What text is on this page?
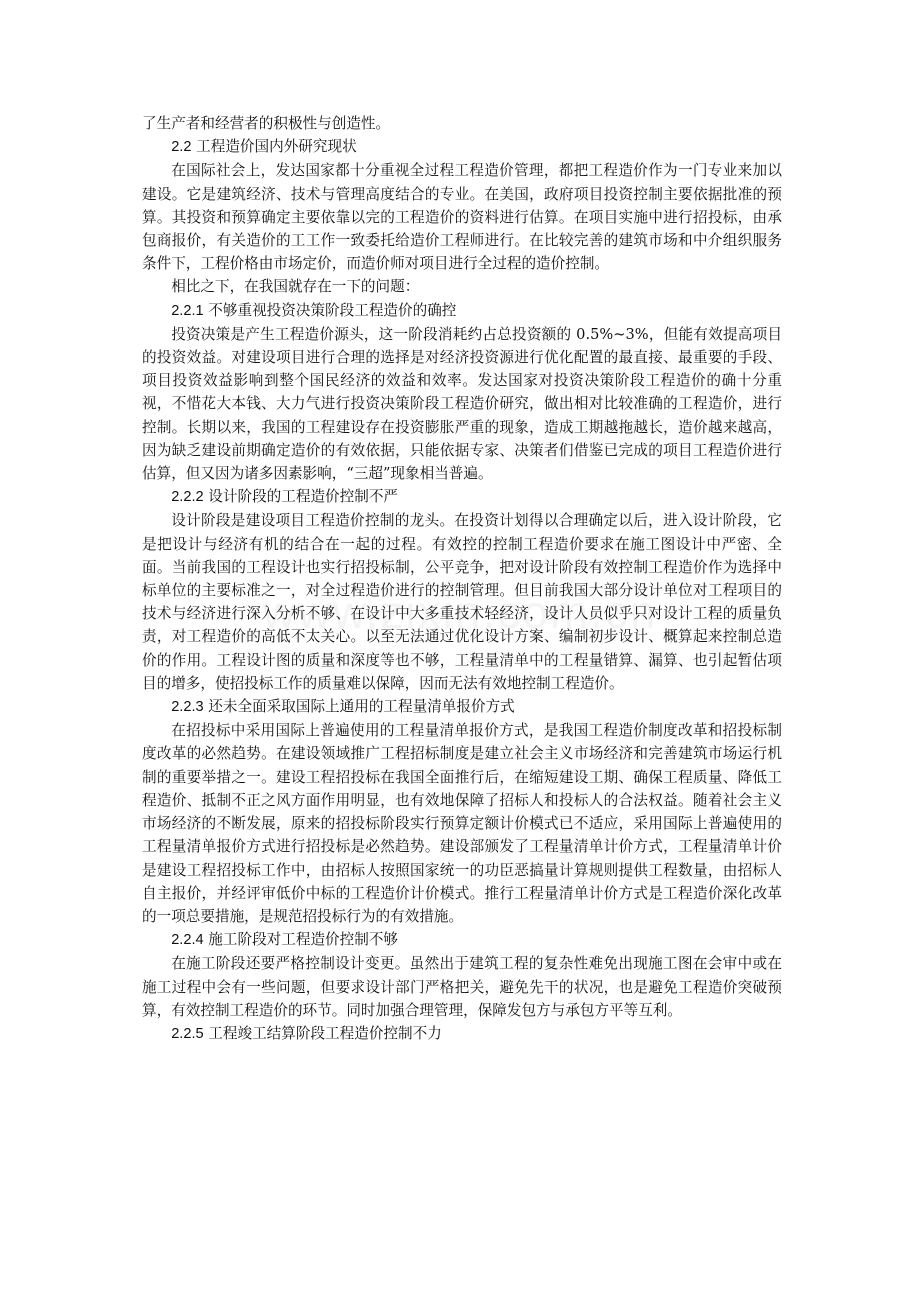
了生产者和经营者的积极性与创造性。

2.2 工程造价国内外研究现状

在国际社会上，发达国家都十分重视全过程工程造价管理，都把工程造价作为一门专业来加以建设。它是建筑经济、技术与管理高度结合的专业。在美国，政府项目投资控制主要依据批准的预算。其投资和预算确定主要依靠以完的工程造价的资料进行估算。在项目实施中进行招投标，由承包商报价，有关造价的工工作一致委托给造价工程师进行。在比较完善的建筑市场和中介组织服务条件下，工程价格由市场定价，而造价师对项目进行全过程的造价控制。

相比之下，在我国就存在一下的问题：

2.2.1 不够重视投资决策阶段工程造价的确控

投资决策是产生工程造价源头，这一阶段消耗约占总投资额的 0.5%~3%，但能有效提高项目的投资效益。对建设项目进行合理的选择是对经济投资源进行优化配置的最直接、最重要的手段、项目投资效益影响到整个国民经济的效益和效率。发达国家对投资决策阶段工程造价的确十分重视，不惜花大本钱、大力气进行投资决策阶段工程造价研究，做出相对比较准确的工程造价，进行控制。长期以来，我国的工程建设存在投资膨胀严重的现象，造成工期越拖越长，造价越来越高，因为缺乏建设前期确定造价的有效依据，只能依据专家、决策者们借鉴已完成的项目工程造价进行估算，但又因为诸多因素影响，“三超”现象相当普遍。

2.2.2 设计阶段的工程造价控制不严

设计阶段是建设项目工程造价控制的龙头。在投资计划得以合理确定以后，进入设计阶段，它是把设计与经济有机的结合在一起的过程。有效控的控制工程造价要求在施工图设计中严密、全面。当前我国的工程设计也实行招投标制，公平竞争，把对设计阶段有效控制工程造价作为选择中标单位的主要标准之一，对全过程造价进行的控制管理。但目前我国大部分设计单位对工程项目的技术与经济进行深入分析不够、在设计中大多重技术轻经济，设计人员似乎只对设计工程的质量负责，对工程造价的高低不太关心。以至无法通过优化设计方案、编制初步设计、概算起来控制总造价的作用。工程设计图的质量和深度等也不够，工程量清单中的工程量错算、漏算、也引起暂估项目的增多，使招投标工作的质量难以保障，因而无法有效地控制工程造价。

2.2.3 还未全面采取国际上通用的工程量清单报价方式

在招投标中采用国际上普遍使用的工程量清单报价方式，是我国工程造价制度改革和招投标制度改革的必然趋势。在建设领域推广工程招标制度是建立社会主义市场经济和完善建筑市场运行机制的重要举措之一。建设工程招投标在我国全面推行后，在缩短建设工期、确保工程质量、降低工程造价、抵制不正之风方面作用明显，也有效地保障了招标人和投标人的合法权益。随着社会主义市场经济的不断发展，原来的招投标阶段实行预算定额计价模式已不适应，采用国际上普遍使用的工程量清单报价方式进行招投标是必然趋势。建设部颁发了工程量清单计价方式，工程量清单计价是建设工程招投标工作中，由招标人按照国家统一的功臣恶搞量计算规则提供工程数量，由招标人自主报价，并经评审低价中标的工程造价计价模式。推行工程量清单计价方式是工程造价深化改革的一项总要措施，是规范招投标行为的有效措施。

2.2.4 施工阶段对工程造价控制不够

在施工阶段还要严格控制设计变更。虽然出于建筑工程的复杂性难免出现施工图在会审中或在施工过程中会有一些问题，但要求设计部门严格把关，避免先干的状况，也是避免工程造价突破预算，有效控制工程造价的环节。同时加强合理管理，保障发包方与承包方平等互利。

2.2.5 工程竣工结算阶段工程造价控制不力
